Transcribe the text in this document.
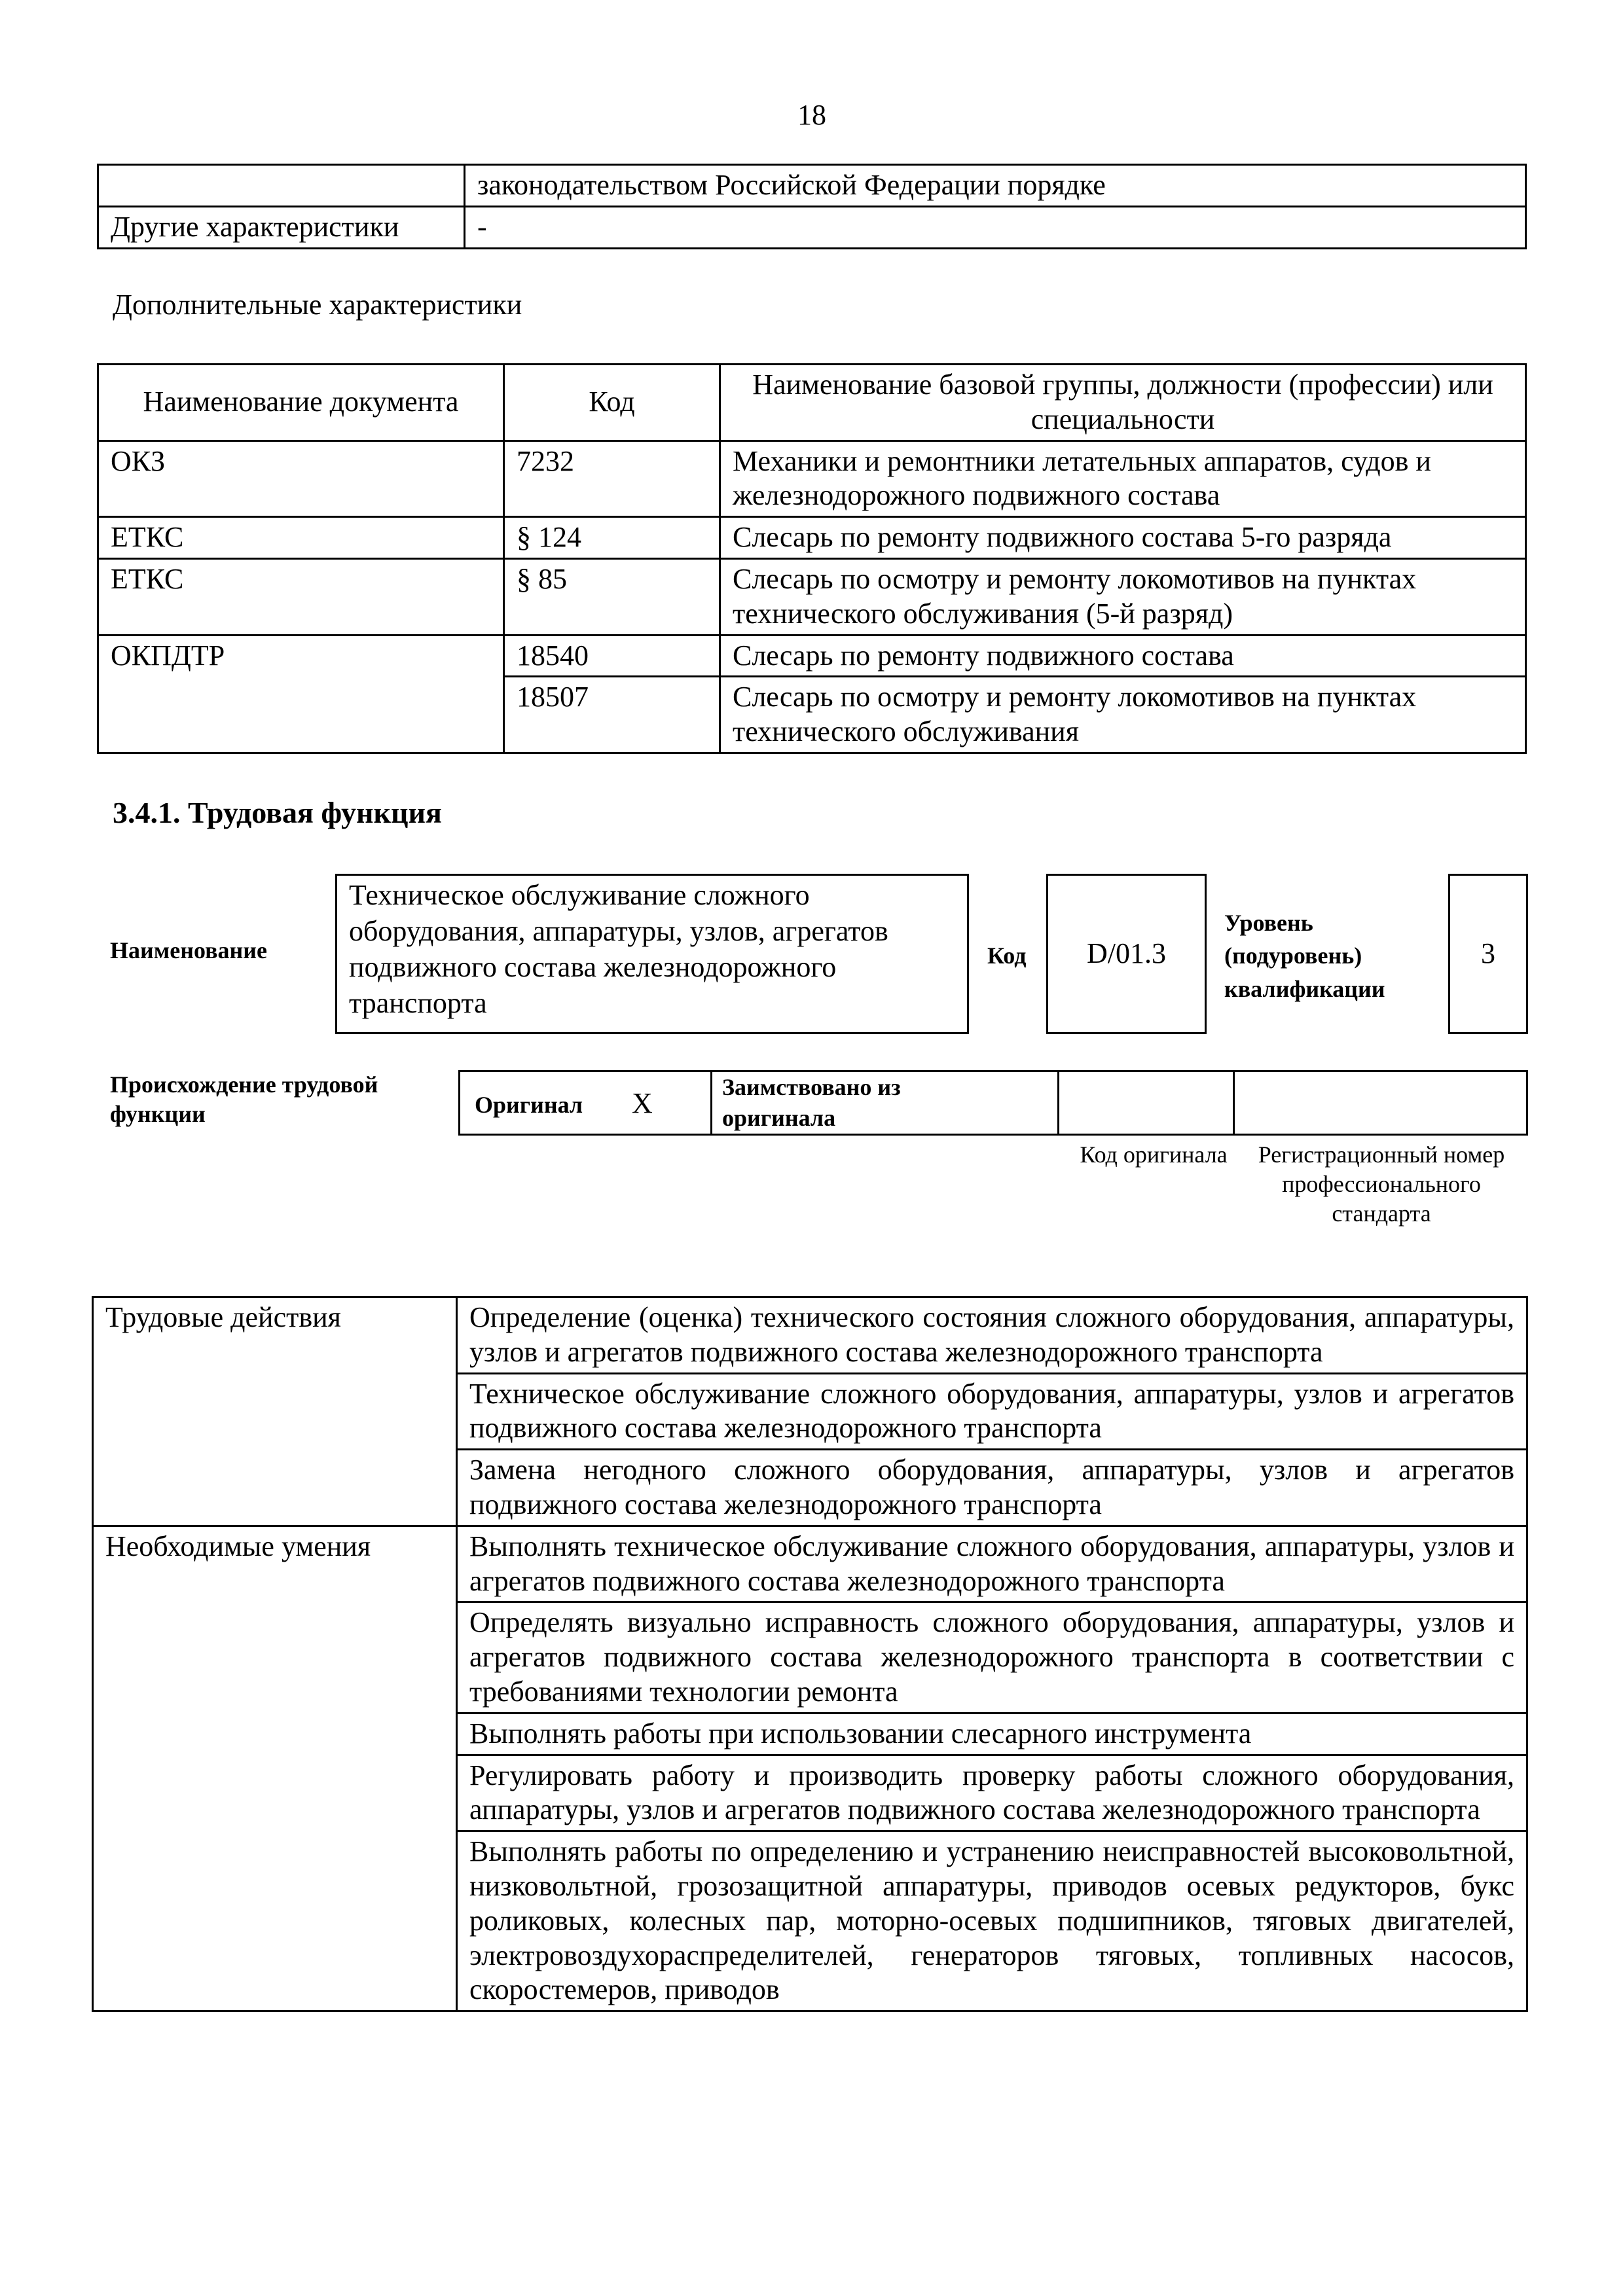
18
	законодательством Российской Федерации порядке
Другие характеристики	-
Дополнительные характеристики
Наименование документа	Код	Наименование базовой группы, должности (профессии) или специальности
ОКЗ	7232	Механики и ремонтники летательных аппаратов, судов и железнодорожного подвижного состава
ЕТКС	§ 124	Слесарь по ремонту подвижного состава 5-го разряда
ЕТКС	§ 85	Слесарь по осмотру и ремонту локомотивов на пунктах технического обслуживания (5-й разряд)
ОКПДТР	18540	Слесарь по ремонту подвижного состава
	18507	Слесарь по осмотру и ремонту локомотивов на пунктах технического обслуживания
3.4.1. Трудовая функция
Наименование
Техническое обслуживание сложного оборудования, аппаратуры, узлов, агрегатов подвижного состава железнодорожного транспорта
Код	D/01.3
Уровень (подуровень) квалификации
3
Происхождение трудовой функции	Оригинал X	Заимствовано из оригинала
Код оригинала	Регистрационный номер профессионального стандарта
Трудовые действия	Определение (оценка) технического состояния сложного оборудования, аппаратуры, узлов и агрегатов подвижного состава железнодорожного транспорта
	Техническое обслуживание сложного оборудования, аппаратуры, узлов и агрегатов подвижного состава железнодорожного транспорта
	Замена негодного сложного оборудования, аппаратуры, узлов и агрегатов подвижного состава железнодорожного транспорта
Необходимые умения	Выполнять техническое обслуживание сложного оборудования, аппаратуры, узлов и агрегатов подвижного состава железнодорожного транспорта
	Определять визуально исправность сложного оборудования, аппаратуры, узлов и агрегатов подвижного состава железнодорожного транспорта в соответствии с требованиями технологии ремонта
	Выполнять работы при использовании слесарного инструмента
	Регулировать работу и производить проверку работы сложного оборудования, аппаратуры, узлов и агрегатов подвижного состава железнодорожного транспорта
	Выполнять работы по определению и устранению неисправностей высоковольтной, низковольтной, грозозащитной аппаратуры, приводов осевых редукторов, букс роликовых, колесных пар, моторно-осевых подшипников, тяговых двигателей, электровоздухораспределителей, генераторов тяговых, топливных насосов, скоростемеров, приводов
